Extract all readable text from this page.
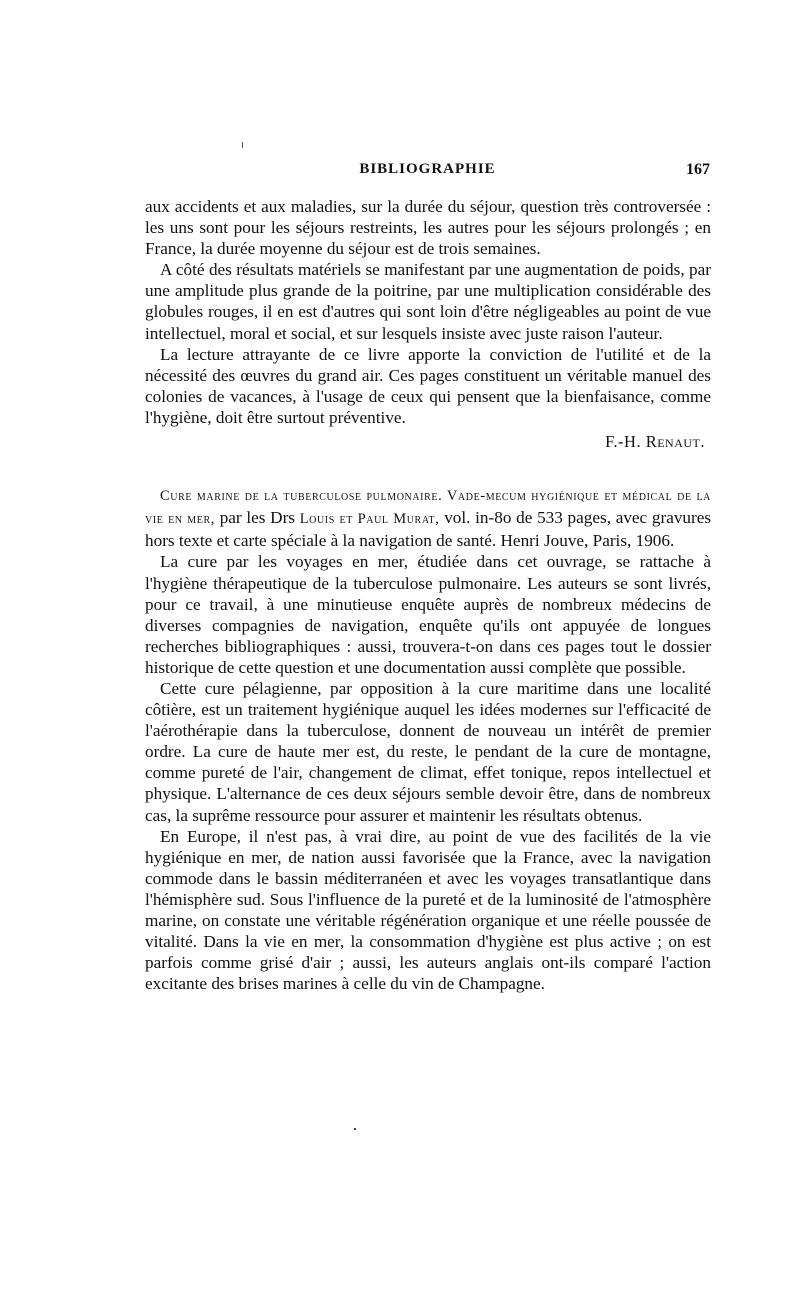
BIBLIOGRAPHIE	167

aux accidents et aux maladies, sur la durée du séjour, question très controversée : les uns sont pour les séjours restreints, les autres pour les séjours prolongés ; en France, la durée moyenne du séjour est de trois semaines.

A côté des résultats matériels se manifestant par une augmentation de poids, par une amplitude plus grande de la poitrine, par une multiplication considérable des globules rouges, il en est d'autres qui sont loin d'être négligeables au point de vue intellectuel, moral et social, et sur lesquels insiste avec juste raison l'auteur.

La lecture attrayante de ce livre apporte la conviction de l'utilité et de la nécessité des œuvres du grand air. Ces pages constituent un véritable manuel des colonies de vacances, à l'usage de ceux qui pensent que la bienfaisance, comme l'hygiène, doit être surtout préventive.

F.-H. Renaut.

Cure marine de la tuberculose pulmonaire. Vade-mecum hygiénique et médical de la vie en mer, par les Drs Louis et Paul Murat, vol. in-8o de 533 pages, avec gravures hors texte et carte spéciale à la navigation de santé. Henri Jouve, Paris, 1906.

La cure par les voyages en mer, étudiée dans cet ouvrage, se rattache à l'hygiène thérapeutique de la tuberculose pulmonaire. Les auteurs se sont livrés, pour ce travail, à une minutieuse enquête auprès de nombreux médecins de diverses compagnies de navigation, enquête qu'ils ont appuyée de longues recherches bibliographiques : aussi, trouvera-t-on dans ces pages tout le dossier historique de cette question et une documentation aussi complète que possible.

Cette cure pélagienne, par opposition à la cure maritime dans une localité côtière, est un traitement hygiénique auquel les idées modernes sur l'efficacité de l'aérothérapie dans la tuberculose, donnent de nouveau un intérêt de premier ordre. La cure de haute mer est, du reste, le pendant de la cure de montagne, comme pureté de l'air, changement de climat, effet tonique, repos intellectuel et physique. L'alternance de ces deux séjours semble devoir être, dans de nombreux cas, la suprême ressource pour assurer et maintenir les résultats obtenus.

En Europe, il n'est pas, à vrai dire, au point de vue des facilités de la vie hygiénique en mer, de nation aussi favorisée que la France, avec la navigation commode dans le bassin méditerranéen et avec les voyages transatlantique dans l'hémisphère sud. Sous l'influence de la pureté et de la luminosité de l'atmosphère marine, on constate une véritable régénération organique et une réelle poussée de vitalité. Dans la vie en mer, la consommation d'hygiène est plus active ; on est parfois comme grisé d'air ; aussi, les auteurs anglais ont-ils comparé l'action excitante des brises marines à celle du vin de Champagne.
